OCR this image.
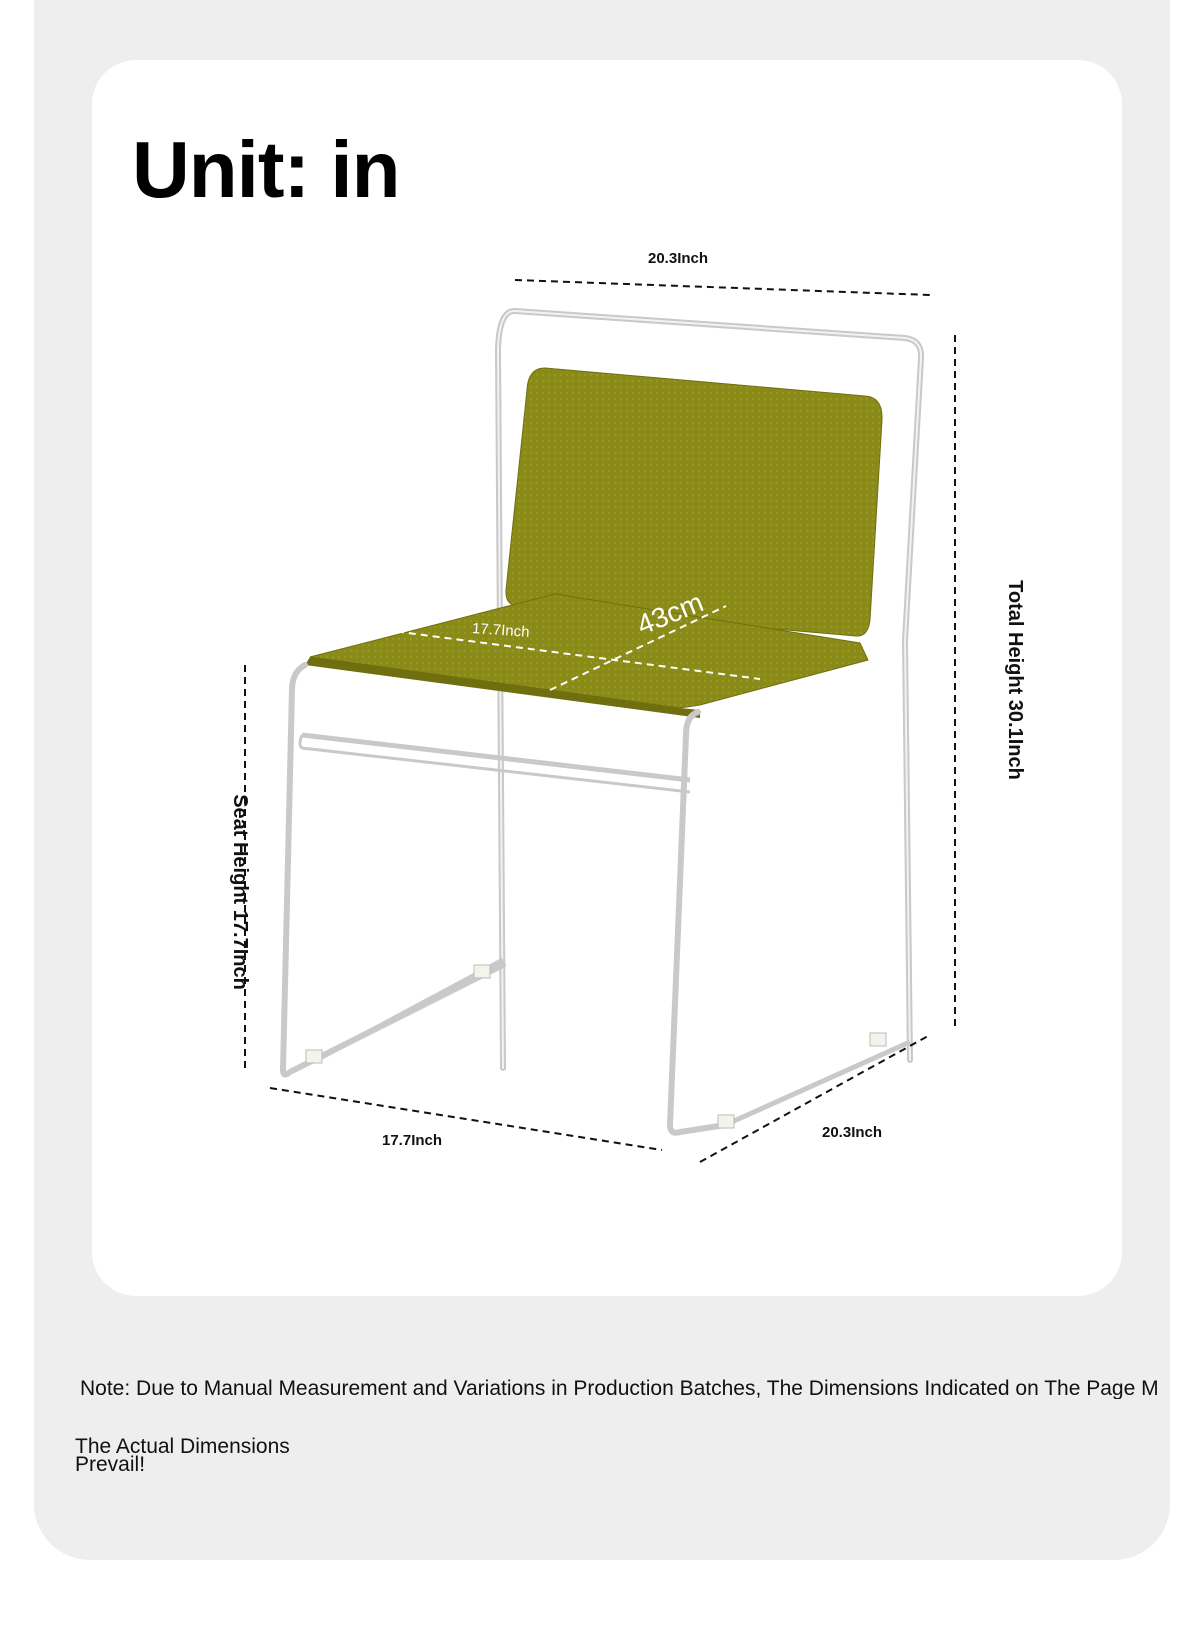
Unit: in
20.3Inch
Total Height 30.1Inch
Seat Height 17.7Inch
17.7Inch	20.3Inch
17.7Inch	43cm

Note: Due to Manual Measurement and Variations in Production Batches, The Dimensions Indicated on The Page M

The Actual Dimensions
Prevail!
